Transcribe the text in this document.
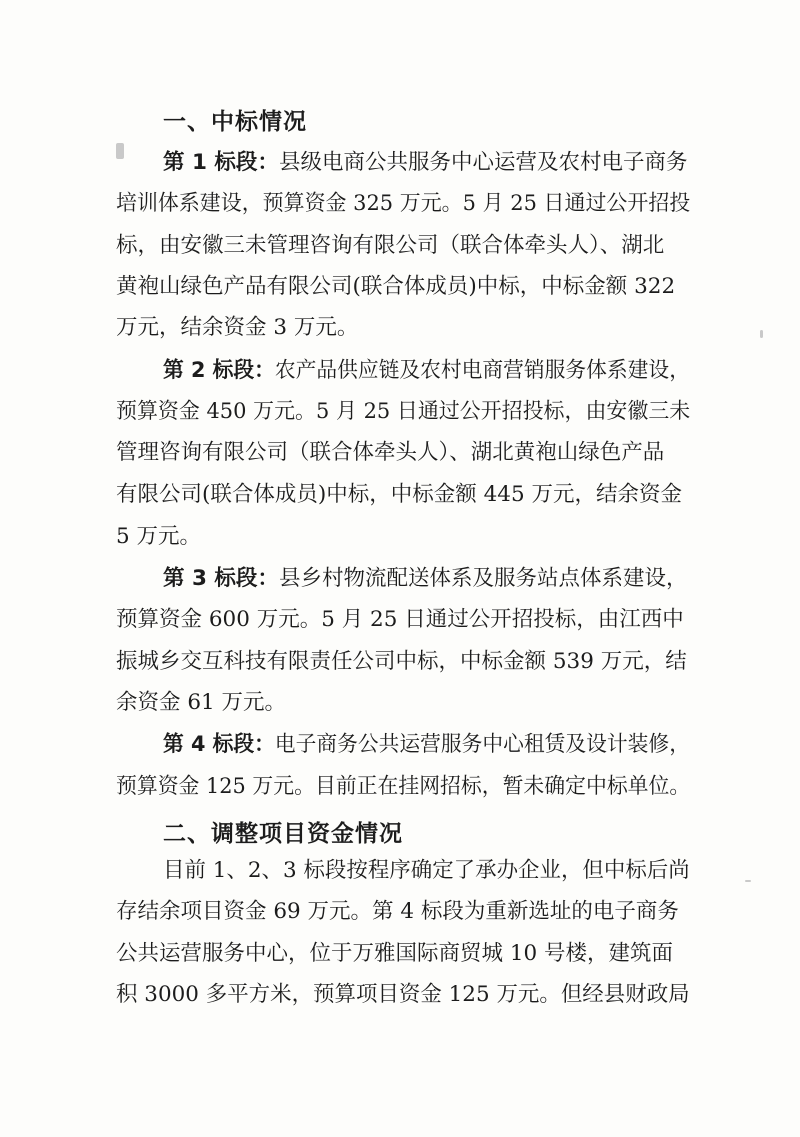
一、中标情况
第 1 标段：县级电商公共服务中心运营及农村电子商务
培训体系建设，预算资金 325 万元。5 月 25 日通过公开招投
标，由安徽三未管理咨询有限公司（联合体牵头人）、湖北
黄袍山绿色产品有限公司(联合体成员)中标，中标金额 322
万元，结余资金 3 万元。
第 2 标段：农产品供应链及农村电商营销服务体系建设，
预算资金 450 万元。5 月 25 日通过公开招投标，由安徽三未
管理咨询有限公司（联合体牵头人）、湖北黄袍山绿色产品
有限公司(联合体成员)中标，中标金额 445 万元，结余资金
5 万元。
第 3 标段：县乡村物流配送体系及服务站点体系建设，
预算资金 600 万元。5 月 25 日通过公开招投标，由江西中
振城乡交互科技有限责任公司中标，中标金额 539 万元，结
余资金 61 万元。
第 4 标段：电子商务公共运营服务中心租赁及设计装修，
预算资金 125 万元。目前正在挂网招标，暂未确定中标单位。
二、调整项目资金情况
目前 1、2、3 标段按程序确定了承办企业，但中标后尚
存结余项目资金 69 万元。第 4 标段为重新选址的电子商务
公共运营服务中心，位于万雅国际商贸城 10 号楼，建筑面
积 3000 多平方米，预算项目资金 125 万元。但经县财政局
